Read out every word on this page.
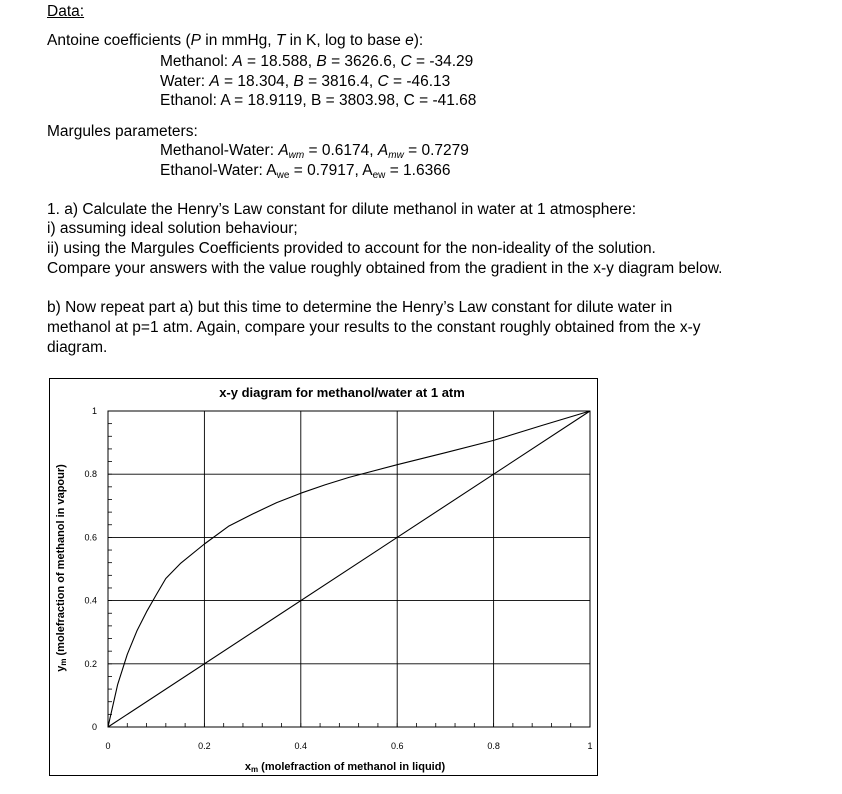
Data:
Antoine coefficients (P in mmHg, T in K, log to base e):
Methanol: A = 18.588, B = 3626.6, C = -34.29
Water: A = 18.304, B = 3816.4, C = -46.13
Ethanol: A = 18.9119, B = 3803.98, C = -41.68
Margules parameters:
Methanol-Water: $A_{wm} = 0.6174$, $A_{mw} = 0.7279$
Ethanol-Water: $A_{we} = 0.7917$, $A_{ew} = 1.6366$
1. a) Calculate the Henry’s Law constant for dilute methanol in water at 1 atmosphere:
i) assuming ideal solution behaviour;
ii) using the Margules Coefficients provided to account for the non-ideality of the solution.
Compare your answers with the value roughly obtained from the gradient in the x-y diagram below.
b) Now repeat part a) but this time to determine the Henry’s Law constant for dilute water in
methanol at p=1 atm. Again, compare your results to the constant roughly obtained from the x-y
diagram.
x-y diagram for methanol/water at 1 atm
0	0.2	0.4	0.6	0.8	1
0
0.2
0.4
0.6
0.8
1
xm (molefraction of methanol in liquid)
ym (molefraction of methanol in vapour)
